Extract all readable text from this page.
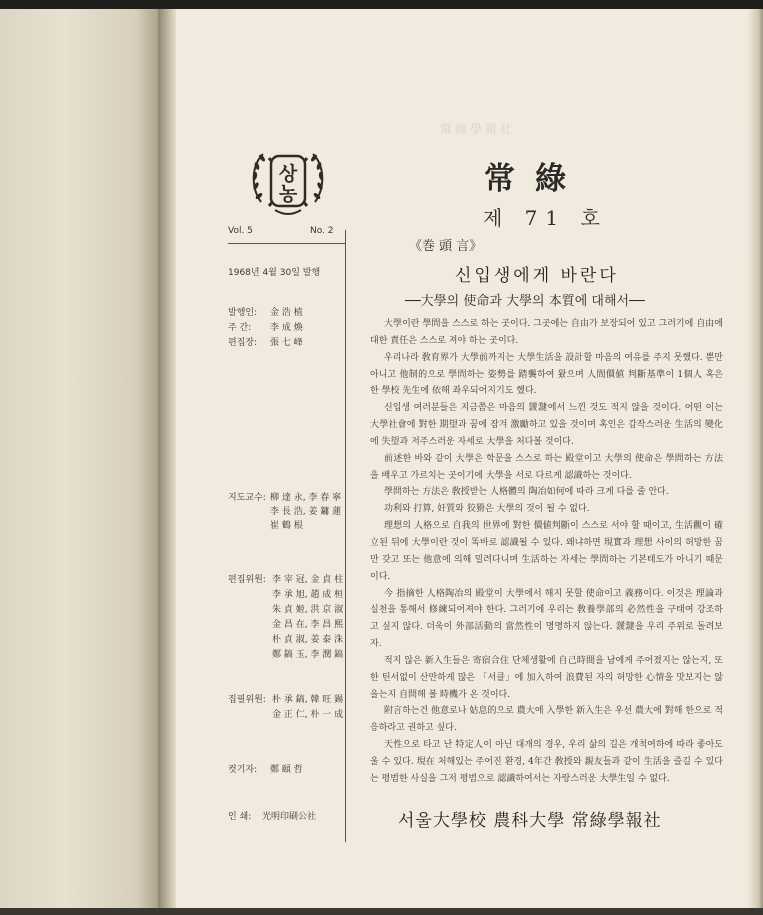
상
농
Vol. 5	No. 2
1968년 4월 30일 발행
발행인: 金 浩 植
주 간: 李 成 煥
편집장: 張 七 峰
지도교수: 柳 達 永, 李 春 寧
李 長 浩, 姜 鏞 蓮
崔 鶴 根
편집위원: 李 宰 冠, 金 貞 柱
李 承 旭, 趙 成 桓
朱 貞 姬, 洪 京 淑
金 昌 在, 李 昌 熙
朴 貞 淑, 姜 泰 洙
鄭 鎬 玉, 李 潤 鎬
집필위원: 朴 承 鎬, 韓 旺 錫
金 正 仁, 朴 一 成
컷기자: 鄭 頤 哲
인 쇄: 光明印刷公社
常綠學報社
常綠
제 71 호
《巻 頭 言》
신입생에게 바란다
──大學의 使命과 大學의 本質에 대해서──

大學이란 學問을 스스로 하는 곳이다. 그곳에는 自由가 보장되어 있고 그러기에 自由에 대한 責任은 스스로 져야 하는 곳이다.

우리나라 敎育界가 大學前까지는 大學生活을 設計할 마음의 여유를 주지 못했다. 뿐만 아니고 他制的으로 學問하는 姿勢를 踏襲하여 왔으며 人間價値 判斷基準이 1個人 혹은 한 學校 先生에 依해 좌우되어지기도 했다.

신입생 여러분들은 지금쯤은 마음의 靉靆에서 느낀 것도 적지 않을 것이다. 어떤 이는 大學社會에 對한 期望과 꿈에 잠겨 激勵하고 있을 것이며 혹인은 갑작스러운 生活의 變化에 失望과 저주스러운 자세로 大學을 처다볼 것이다.

前述한 바와 같이 大學은 학문을 스스로 하는 殿堂이고 大學의 使命은 學問하는 方法을 배우고 가르치는 곳이기에 大學을 서로 다르게 認識하는 것이다.

學問하는 方法은 敎授받는 人格體의 陶冶如何에 따라 크게 다를 줄 안다.

功利와 打算, 奸質와 狡猾은 大學의 것이 될 수 없다.

理想의 人格으로 自我의 世界에 對한 價値判斷이 스스로 서야 할 때이고, 生活觀이 確立된 뒤에 大學이란 것이 똑바로 認識될 수 있다. 왜냐하면 現實과 理想 사이의 허망한 꿈만 갖고 또는 他意에 의해 밀려다니며 生活하는 자세는 學問하는 기본태도가 아니기 때문이다.

今 指摘한 人格陶冶의 殿堂이 大學에서 해지 못할 使命이고 義務이다. 이것은 理論과 실천을 통해서 修練되어져야 한다. 그러기에 우리는 敎養學部의 必然性을 구태여 강조하고 싶지 않다. 더욱이 外部活動의 當然性이 명명하지 않는다. 靉靆을 우리 주위로 돌려보자.

적지 않은 新入生들은 寄宿合住 단체생활에 自己時間을 남에게 주어졌지는 않는지, 또한 틴서없이 산만하게 많은 「서클」에 加入하여 浪費된 자의 허망한 心情을 맛보지는 않을는지 自問해 볼 時機가 온 것이다.

附言하는건 他意로나 姑息的으로 農大에 入學한 新入生은 우선 農大에 對해 한으로 적응하라고 권하고 싶다.

天性으로 타고 난 特定人이 아닌 대개의 경우, 우리 삶의 길은 개척여하에 따라 좋아도울 수 있다. 現在 처해있는 주어진 환경, 4年간 敎授와 親友들과 같이 生活을 즐길 수 있다는 평범한 사실을 그저 평범으로 認識하여서는 자랑스러운 大學生일 수 없다.

서울大學校 農科大學 常綠學報社
